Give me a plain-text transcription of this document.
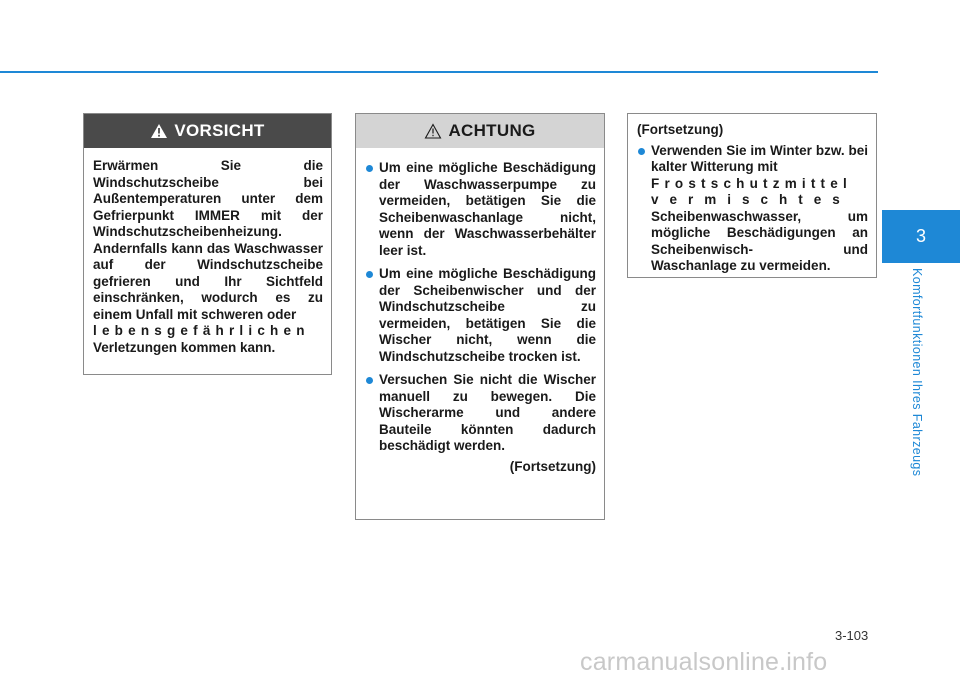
VORSICHT
Erwärmen Sie die Windschutzscheibe bei Außentemperaturen unter dem Gefrierpunkt IMMER mit der Windschutzscheibenheizung. Andernfalls kann das Waschwasser auf der Windschutzscheibe gefrieren und Ihr Sichtfeld einschränken, wodurch es zu einem Unfall mit schweren oder
lebensgefährlichen
Verletzungen kommen kann.
ACHTUNG
Um eine mögliche Beschädigung der Waschwasserpumpe zu vermeiden, betätigen Sie die Scheibenwaschanlage nicht, wenn der Waschwasserbehälter leer ist.
Um eine mögliche Beschädigung der Scheibenwischer und der Windschutzscheibe zu vermeiden, betätigen Sie die Wischer nicht, wenn die Windschutzscheibe trocken ist.
Versuchen Sie nicht die Wischer manuell zu bewegen. Die Wischerarme und andere Bauteile könnten dadurch beschädigt werden.
(Fortsetzung)
(Fortsetzung)
Verwenden Sie im Winter bzw. bei kalter Witterung mit
Frostschutzmittel
vermischtes
Scheibenwaschwasser, um mögliche Beschädigungen an Scheibenwisch- und Waschanlage zu vermeiden.
3
Komfortfunktionen Ihres Fahrzeugs
3-103
carmanualsonline.info
